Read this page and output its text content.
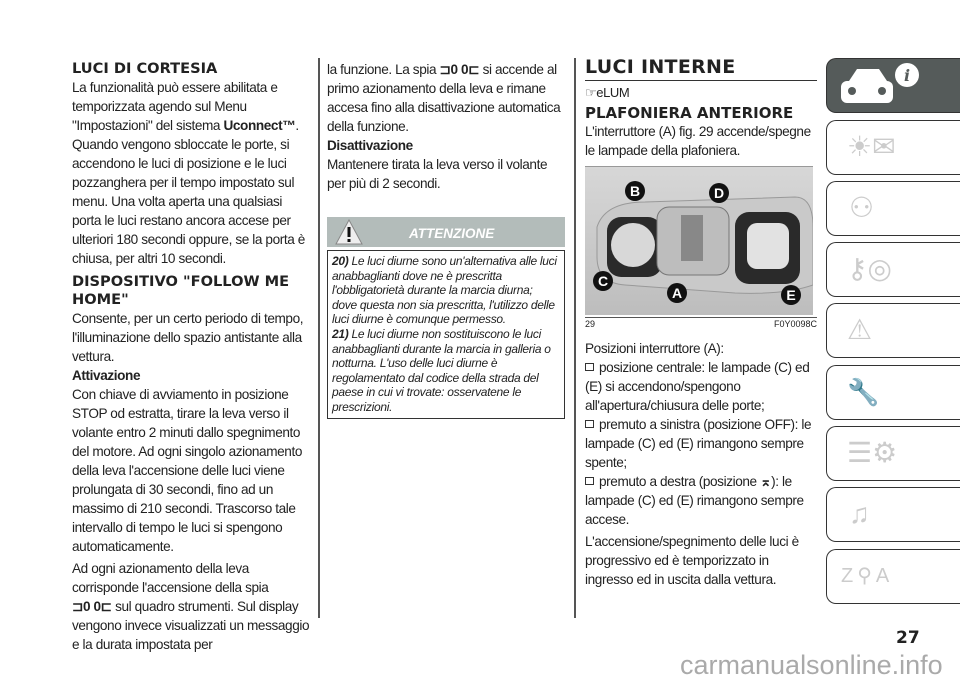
LUCI DI CORTESIA

La funzionalità può essere abilitata e temporizzata agendo sul Menu "Impostazioni" del sistema Uconnect™. Quando vengono sbloccate le porte, si accendono le luci di posizione e le luci pozzanghera per il tempo impostato sul menu. Una volta aperta una qualsiasi porta le luci restano ancora accese per ulteriori 180 secondi oppure, se la porta è chiusa, per altri 10 secondi.

DISPOSITIVO "FOLLOW ME HOME"

Consente, per un certo periodo di tempo, l'illuminazione dello spazio antistante alla vettura.

Attivazione

Con chiave di avviamento in posizione STOP od estratta, tirare la leva verso il volante entro 2 minuti dallo spegnimento del motore. Ad ogni singolo azionamento della leva l'accensione delle luci viene prolungata di 30 secondi, fino ad un massimo di 210 secondi. Trascorso tale intervallo di tempo le luci si spengono automaticamente.

Ad ogni azionamento della leva corrisponde l'accensione della spia
⊐0 0⊏ sul quadro strumenti. Sul display vengono invece visualizzati un messaggio e la durata impostata per

la funzione. La spia ⊐0 0⊏ si accende al primo azionamento della leva e rimane accesa fino alla disattivazione automatica della funzione.

Disattivazione

Mantenere tirata la leva verso il volante per più di 2 secondi.

ATTENZIONE

20) Le luci diurne sono un'alternativa alle luci anabbaglianti dove ne è prescritta l'obbligatorietà durante la marcia diurna; dove questa non sia prescritta, l'utilizzo delle luci diurne è comunque permesso.

21) Le luci diurne non sostituiscono le luci anabbaglianti durante la marcia in galleria o notturna. L'uso delle luci diurne è regolamentato dal codice della strada del paese in cui vi trovate: osservatene le prescrizioni.

LUCI INTERNE
☞eLUM

PLAFONIERA ANTERIORE

L'interruttore (A) fig. 29 accende/spegne le lampade della plafoniera.

B	D
C
A	E
29	F0Y0098C

Posizioni interruttore (A):

posizione centrale: le lampade (C) ed (E) si accendono/spengono all'apertura/chiusura delle porte;

premuto a sinistra (posizione OFF): le lampade (C) ed (E) rimangono sempre spente;

premuto a destra (posizione ⌅): le lampade (C) ed (E) rimangono sempre accese.

L'accensione/spegnimento delle luci è progressivo ed è temporizzato in ingresso ed in uscita dalla vettura.

i
☀✉
⚇
⚷◎
⚠
🔧
☰⚙
♫
Z⚲A
27
carmanualsonline.info
